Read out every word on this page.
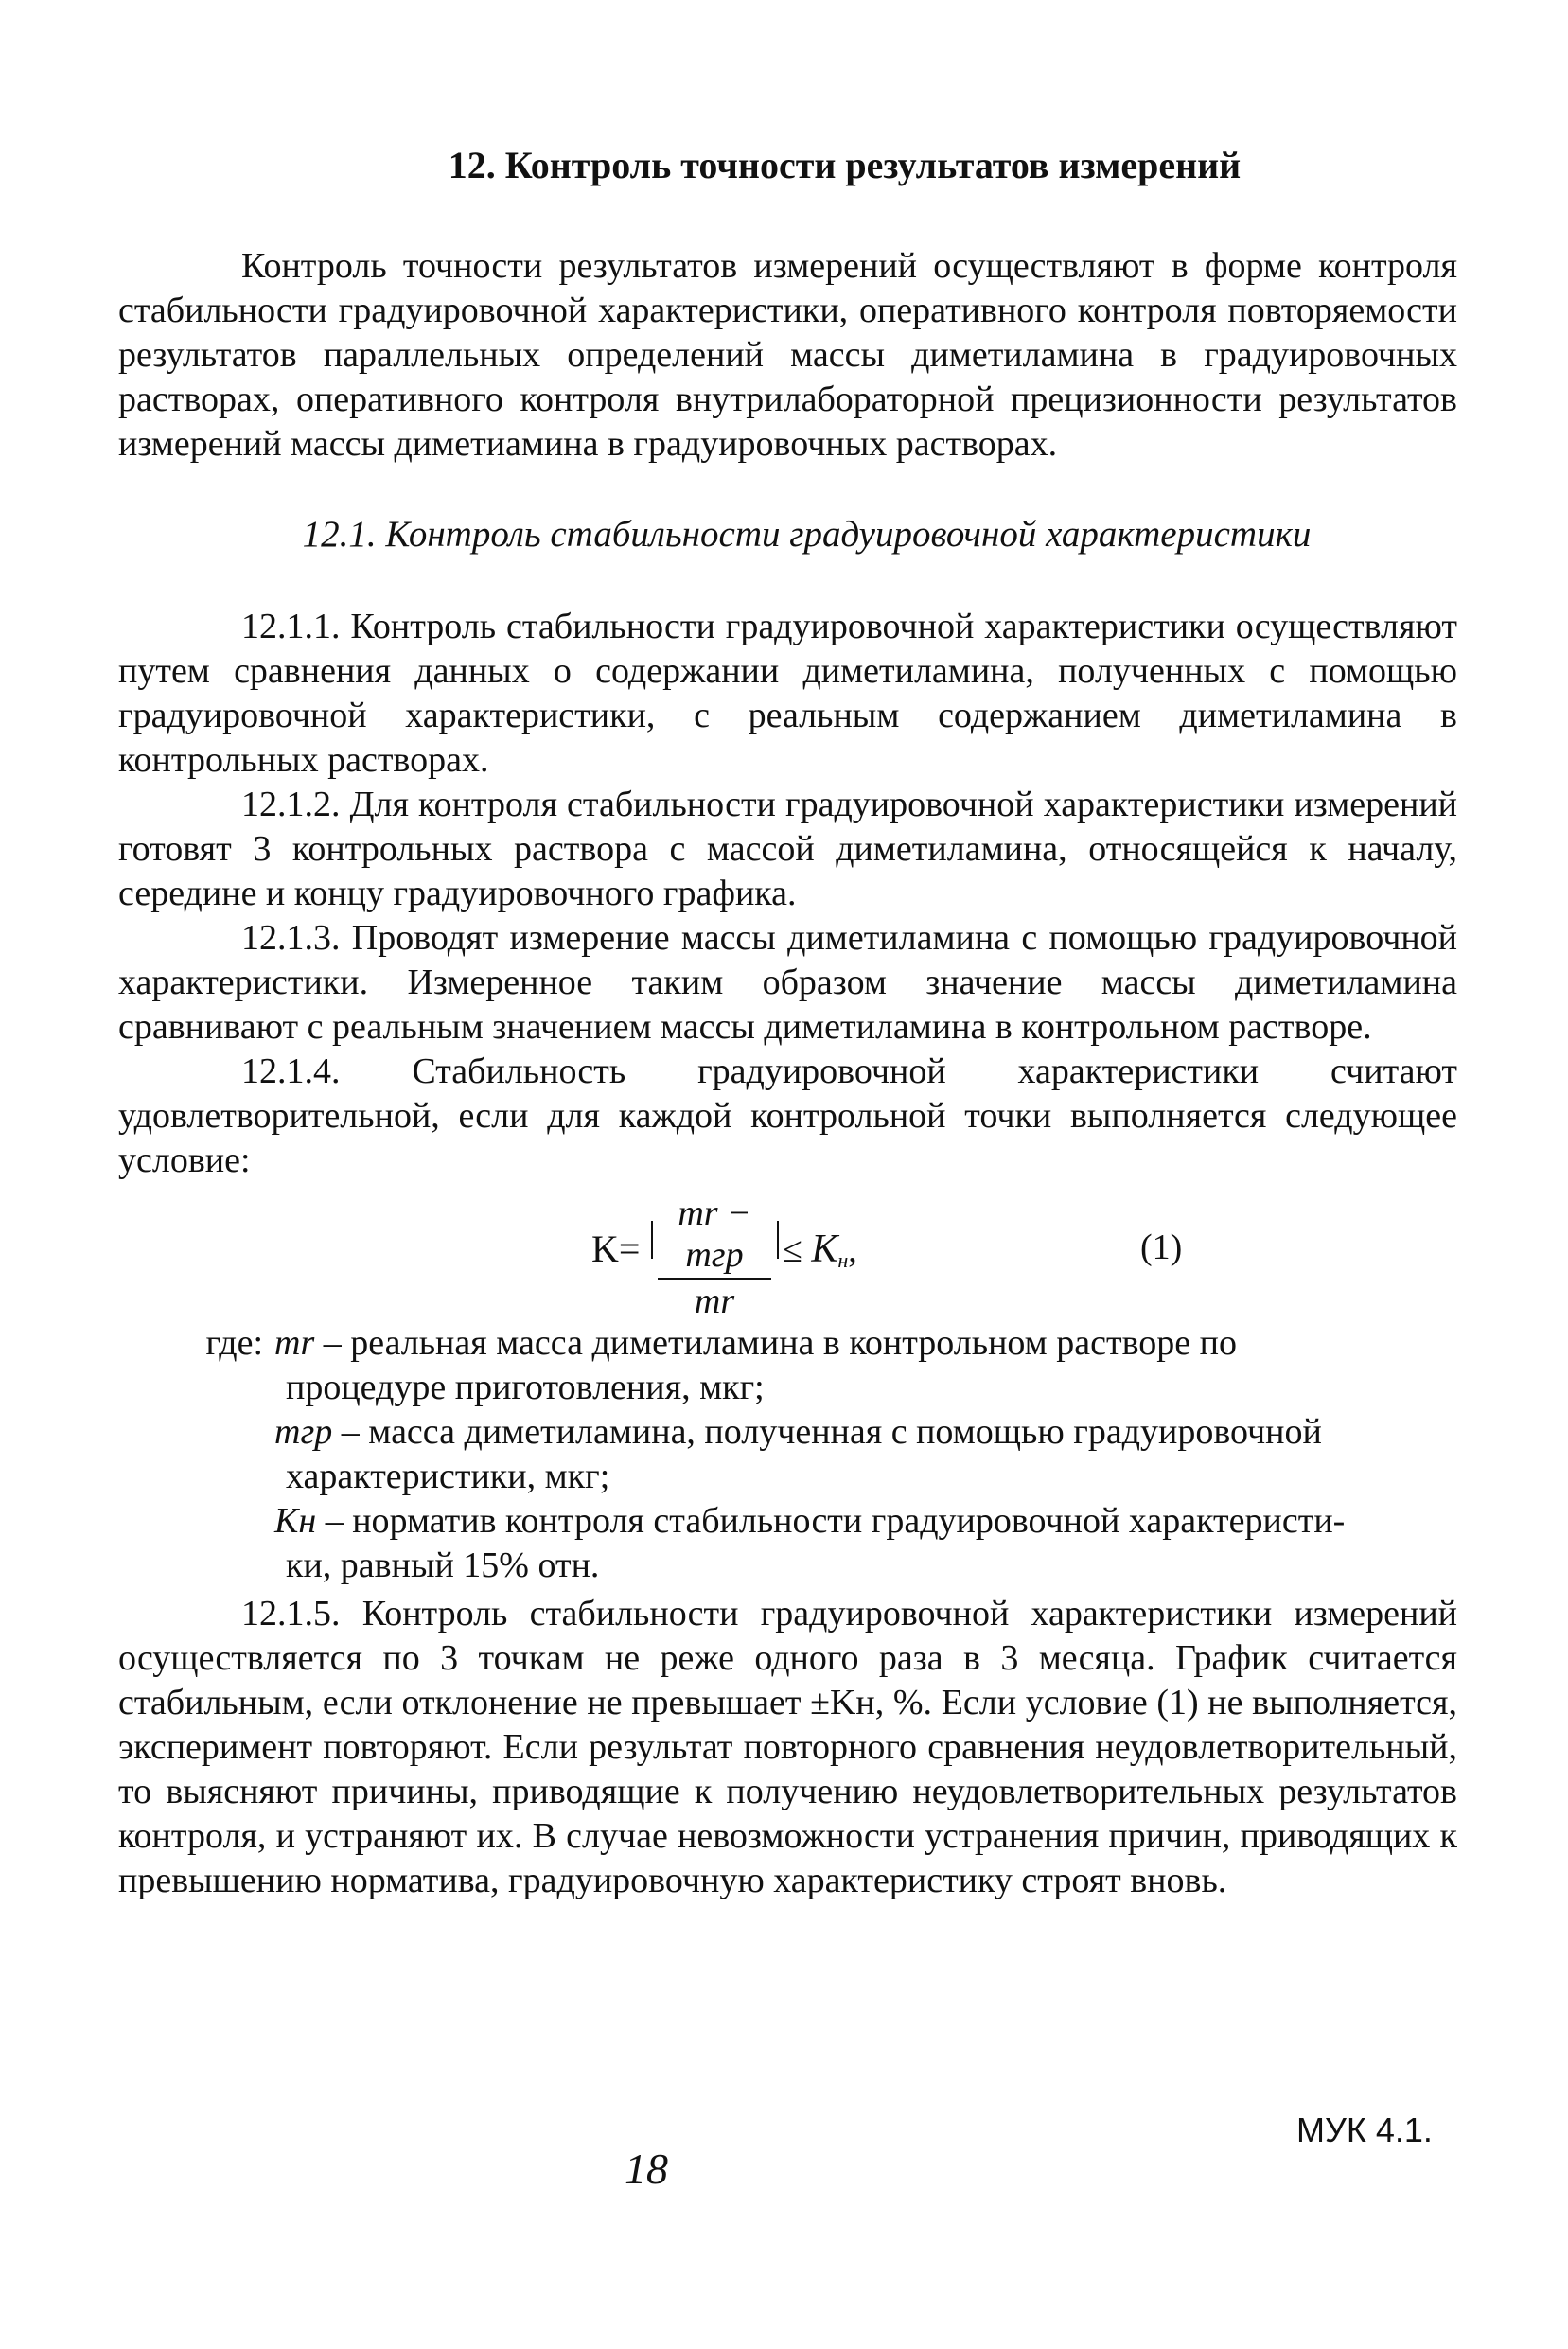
12. Контроль точности результатов измерений

Контроль точности результатов измерений осуществляют в форме контроля стабильности градуировочной характеристики, оперативного контроля повторяемости результатов параллельных определений массы диметиламина в градуировочных растворах, оперативного контроля внутрилабораторной прецизионности результатов измерений массы диметиамина в градуировочных растворах.

12.1. Контроль стабильности градуировочной характеристики

12.1.1. Контроль стабильности градуировочной характеристики осуществляют путем сравнения данных о содержании диметиламина, полученных с помощью градуировочной характеристики, с реальным содержанием диметиламина в контрольных растворах.

12.1.2. Для контроля стабильности градуировочной характеристики измерений готовят 3 контрольных раствора с массой диметиламина, относящейся к началу, середине и концу градуировочного графика.

12.1.3. Проводят измерение массы диметиламина с помощью градуировочной характеристики. Измеренное таким образом значение массы диметиламина сравнивают с реальным значением массы диметиламина в контрольном растворе.

12.1.4. Стабильность градуировочной характеристики считают удовлетворительной, если для каждой контрольной точки выполняется следующее условие:

K=
mr − mгр
mr
≤ $K_н$,	(1)
где: mr – реальная масса диметиламина в контрольном растворе по
процедуре приготовления, мкг;
mгр – масса диметиламина, полученная с помощью градуировочной
характеристики, мкг;
Kн – норматив контроля стабильности градуировочной характеристи-
ки, равный 15% отн.

12.1.5. Контроль стабильности градуировочной характеристики измерений осуществляется по 3 точкам не реже одного раза в 3 месяца. График считается стабильным, если отклонение не превышает ±Kн, %. Если условие (1) не выполняется, эксперимент повторяют. Если результат повторного сравнения неудовлетворительный, то выясняют причины, приводящие к получению неудовлетворительных результатов контроля, и устраняют их. В случае невозможности устранения причин, приводящих к превышению норматива, градуировочную характеристику строят вновь.

МУК 4.1.
18
